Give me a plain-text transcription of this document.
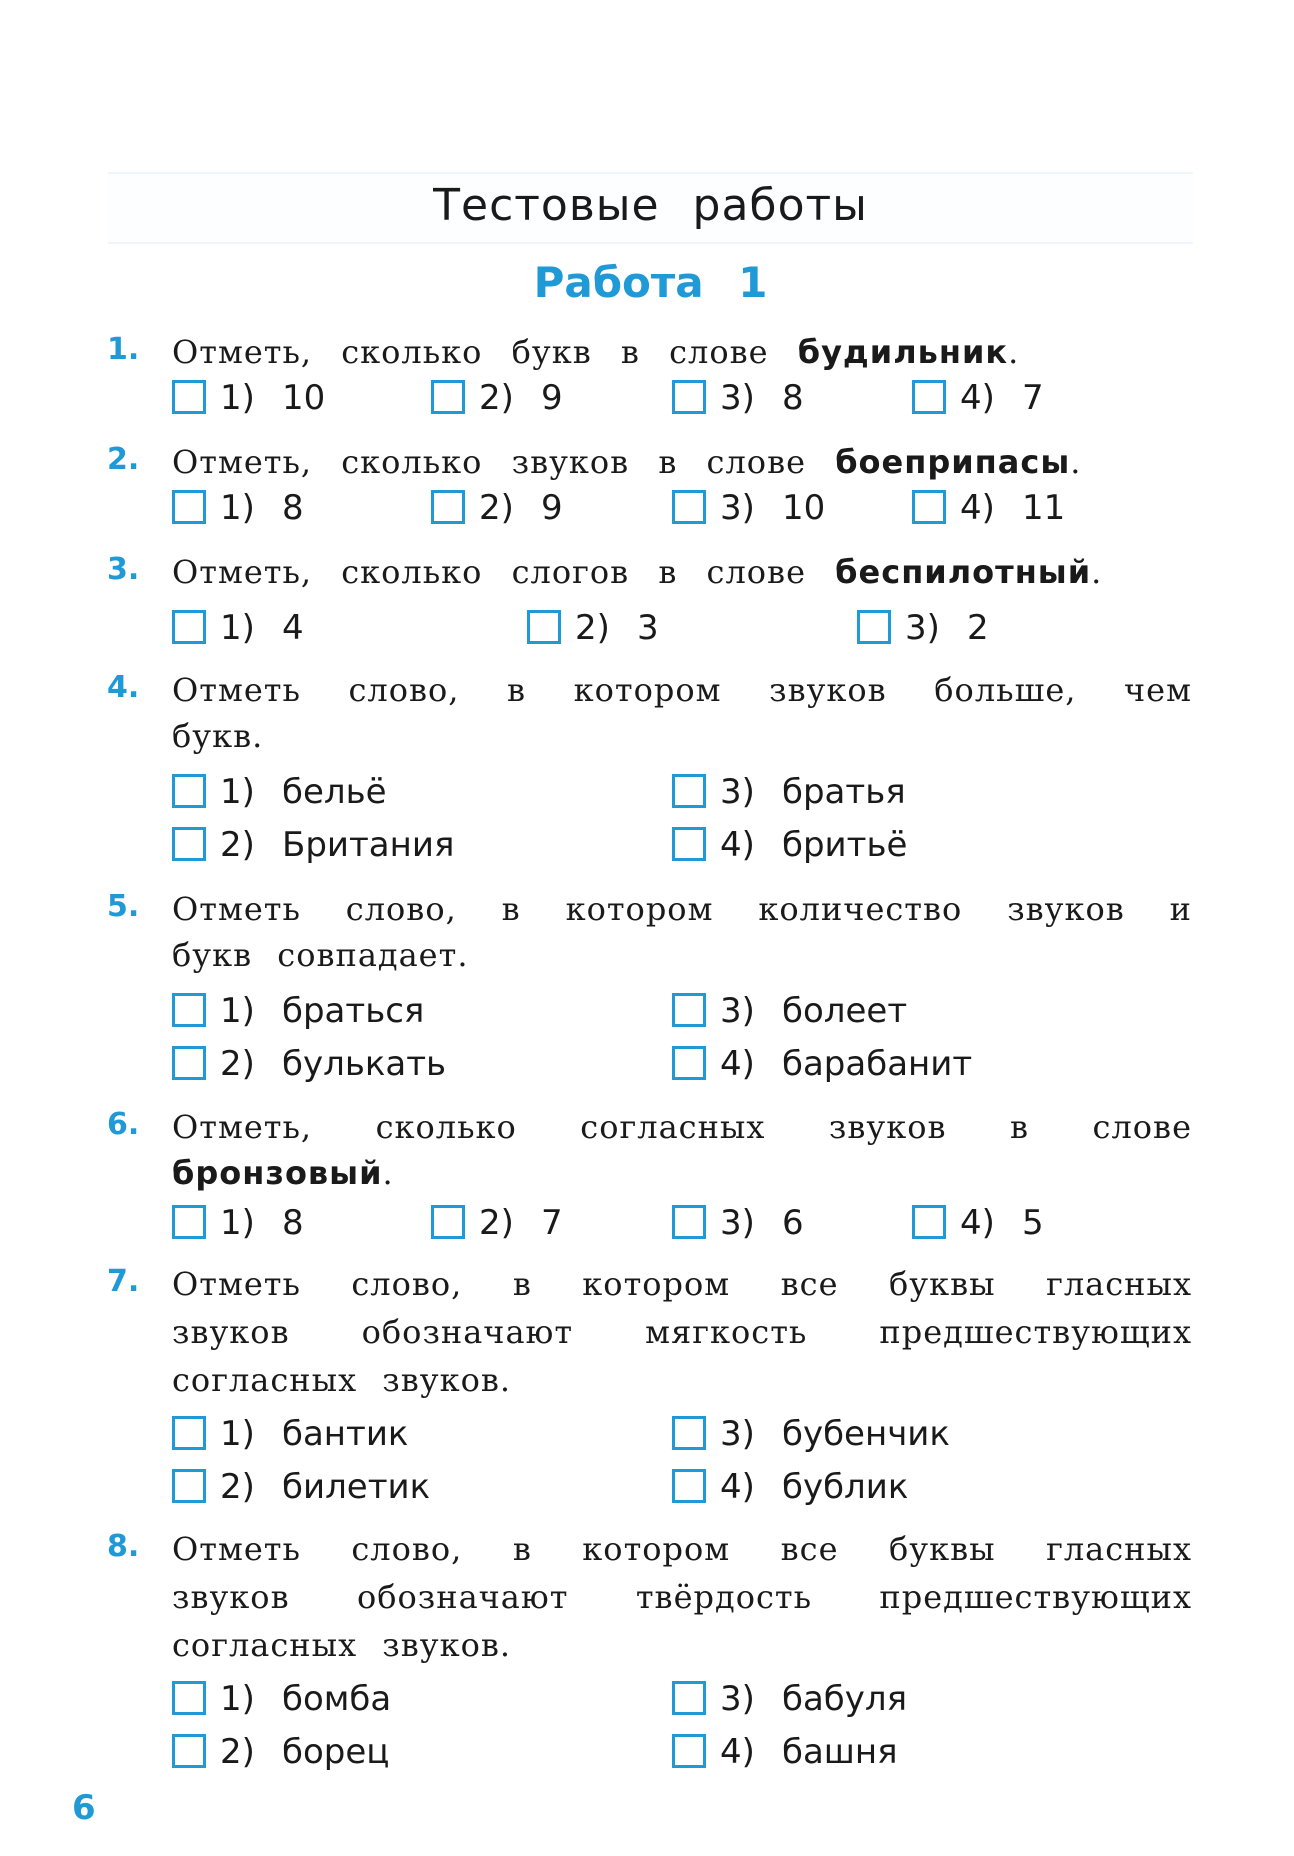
Тестовые работы
Работа 1
1. Отметь, сколько букв в слове будильник.
1) 10	2) 9	3) 8	4) 7
2. Отметь, сколько звуков в слове боеприпасы.
1) 8	2) 9	3) 10	4) 11
3. Отметь, сколько слогов в слове беспилотный.
1) 4	2) 3	3) 2
4. Отметь слово, в котором звуков больше, чем
букв.
1) бельё
2) Британия
3) братья
4) бритьё
5. Отметь слово, в котором количество звуков и
букв совпадает.
1) браться
2) булькать
3) болеет
4) барабанит
6. Отметь, сколько согласных звуков в слове
бронзовый.
1) 8	2) 7	3) 6	4) 5
7. Отметь слово, в котором все буквы гласных
звуков обозначают мягкость предшествующих
согласных звуков.
1) бантик
2) билетик
3) бубенчик
4) бублик
8. Отметь слово, в котором все буквы гласных
звуков обозначают твёрдость предшествующих
согласных звуков.
1) бомба
2) борец
3) бабуля
4) башня
6
